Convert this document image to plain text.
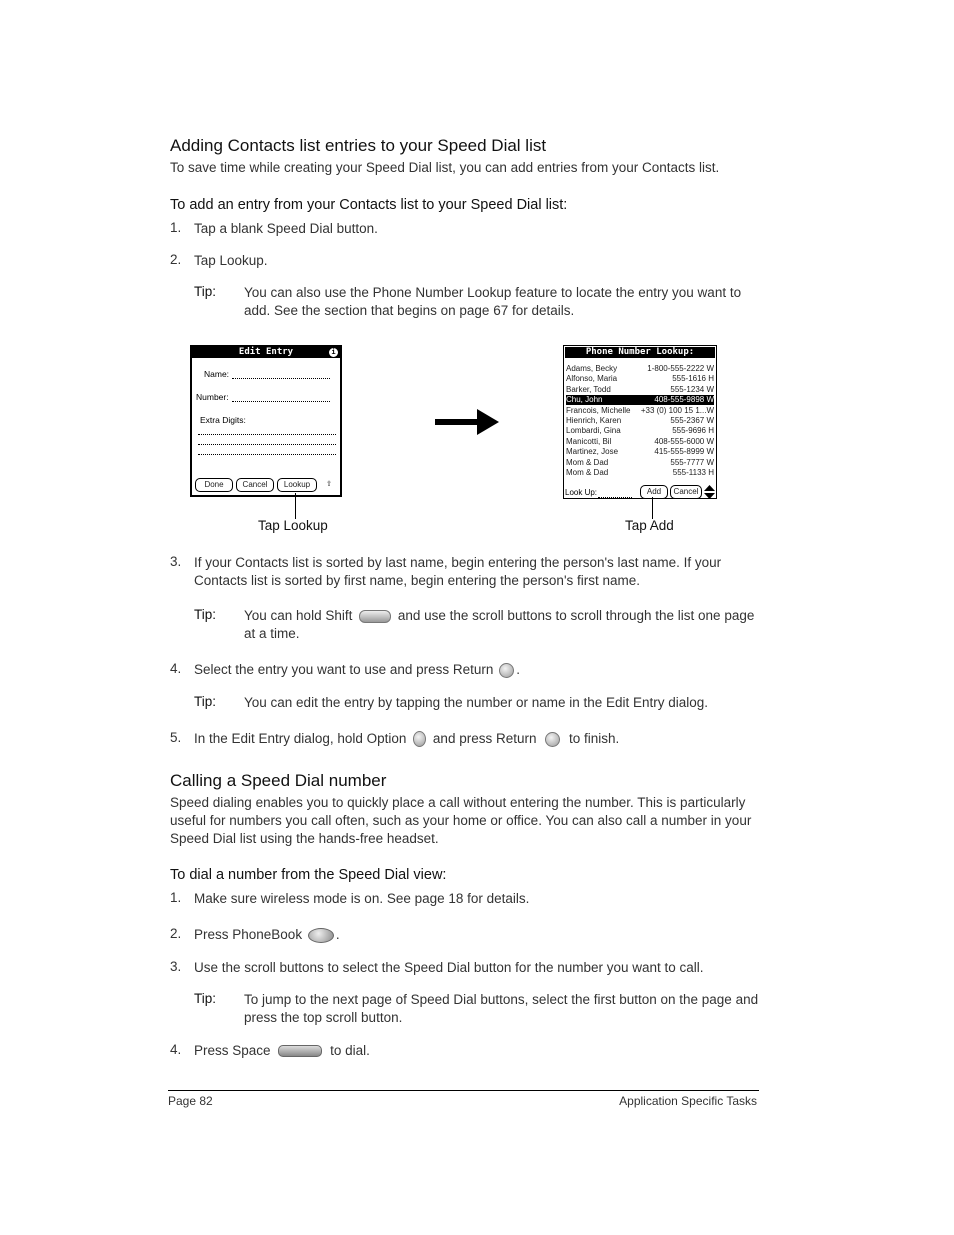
Adding Contacts list entries to your Speed Dial list
To save time while creating your Speed Dial list, you can add entries from your Contacts list.
To add an entry from your Contacts list to your Speed Dial list:
1. Tap a blank Speed Dial button.
2. Tap Lookup.
Tip: You can also use the Phone Number Lookup feature to locate the entry you want to add. See the section that begins on page 67 for details.
Edit Entry	i
Name:
Number:
Extra Digits:
Done	Cancel	Lookup	⇧
Tap Lookup
Phone Number Lookup:
Adams, Becky	1-800-555-2222 W
Alfonso, Maria	555-1616 H
Barker, Todd	555-1234 W
Chu, John	408-555-9898 W
Francois, Michelle +33 (0) 100 15 1...W
Hienrich, Karen	555-2367 W
Lombardi, Gina	555-9696 H
Manicotti, Bil	408-555-6000 W
Martinez, Jose	415-555-8999 W
Mom & Dad	555-7777 W
Mom & Dad	555-1133 H
Look Up:	Add	Cancel
Tap Add
3. If your Contacts list is sorted by last name, begin entering the person's last name. If your Contacts list is sorted by first name, begin entering the person's first name.
Tip: You can hold Shift	and use the scroll buttons to scroll through the list one page at a time.
4. Select the entry you want to use and press Return .
Tip: You can edit the entry by tapping the number or name in the Edit Entry dialog.
5. In the Edit Entry dialog, hold Option and press Return to finish.
Calling a Speed Dial number
Speed dialing enables you to quickly place a call without entering the number. This is particularly useful for numbers you call often, such as your home or office. You can also call a number in your Speed Dial list using the hands-free headset.
To dial a number from the Speed Dial view:
1. Make sure wireless mode is on. See page 18 for details.
2. Press PhoneBook	.
3. Use the scroll buttons to select the Speed Dial button for the number you want to call.
Tip: To jump to the next page of Speed Dial buttons, select the first button on the page and press the top scroll button.
4. Press Space	to dial.
Page 82	Application Specific Tasks
